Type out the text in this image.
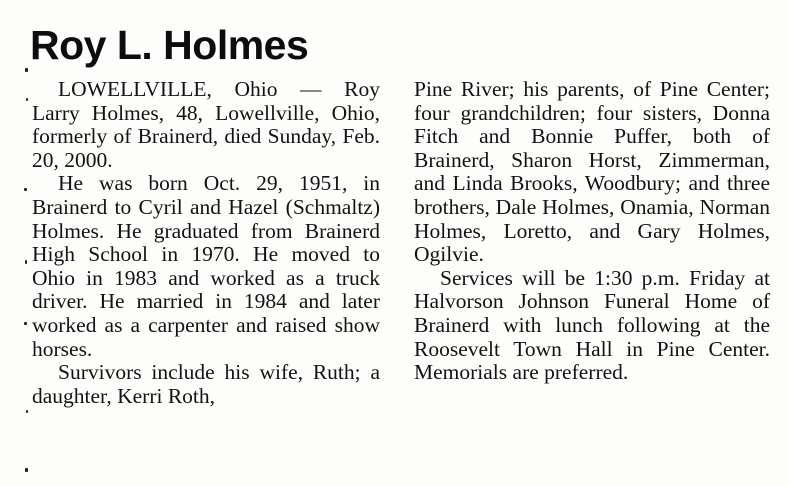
Roy L. Holmes

LOWELLVILLE, Ohio — Roy Larry Holmes, 48, Lowellville, Ohio, formerly of Brainerd, died Sunday, Feb. 20, 2000.

He was born Oct. 29, 1951, in Brainerd to Cyril and Hazel (Schmaltz) Holmes. He graduated from Brainerd High School in 1970. He moved to Ohio in 1983 and worked as a truck driver. He married in 1984 and later worked as a carpenter and raised show horses.

Survivors include his wife, Ruth; a daughter, Kerri Roth,

Pine River; his parents, of Pine Center; four grandchildren; four sisters, Donna Fitch and Bonnie Puffer, both of Brainerd, Sharon Horst, Zimmerman, and Linda Brooks, Woodbury; and three brothers, Dale Holmes, Onamia, Norman Holmes, Loretto, and Gary Holmes, Ogilvie.

Services will be 1:30 p.m. Friday at Halvorson Johnson Funeral Home of Brainerd with lunch following at the Roosevelt Town Hall in Pine Center. Memorials are preferred.
